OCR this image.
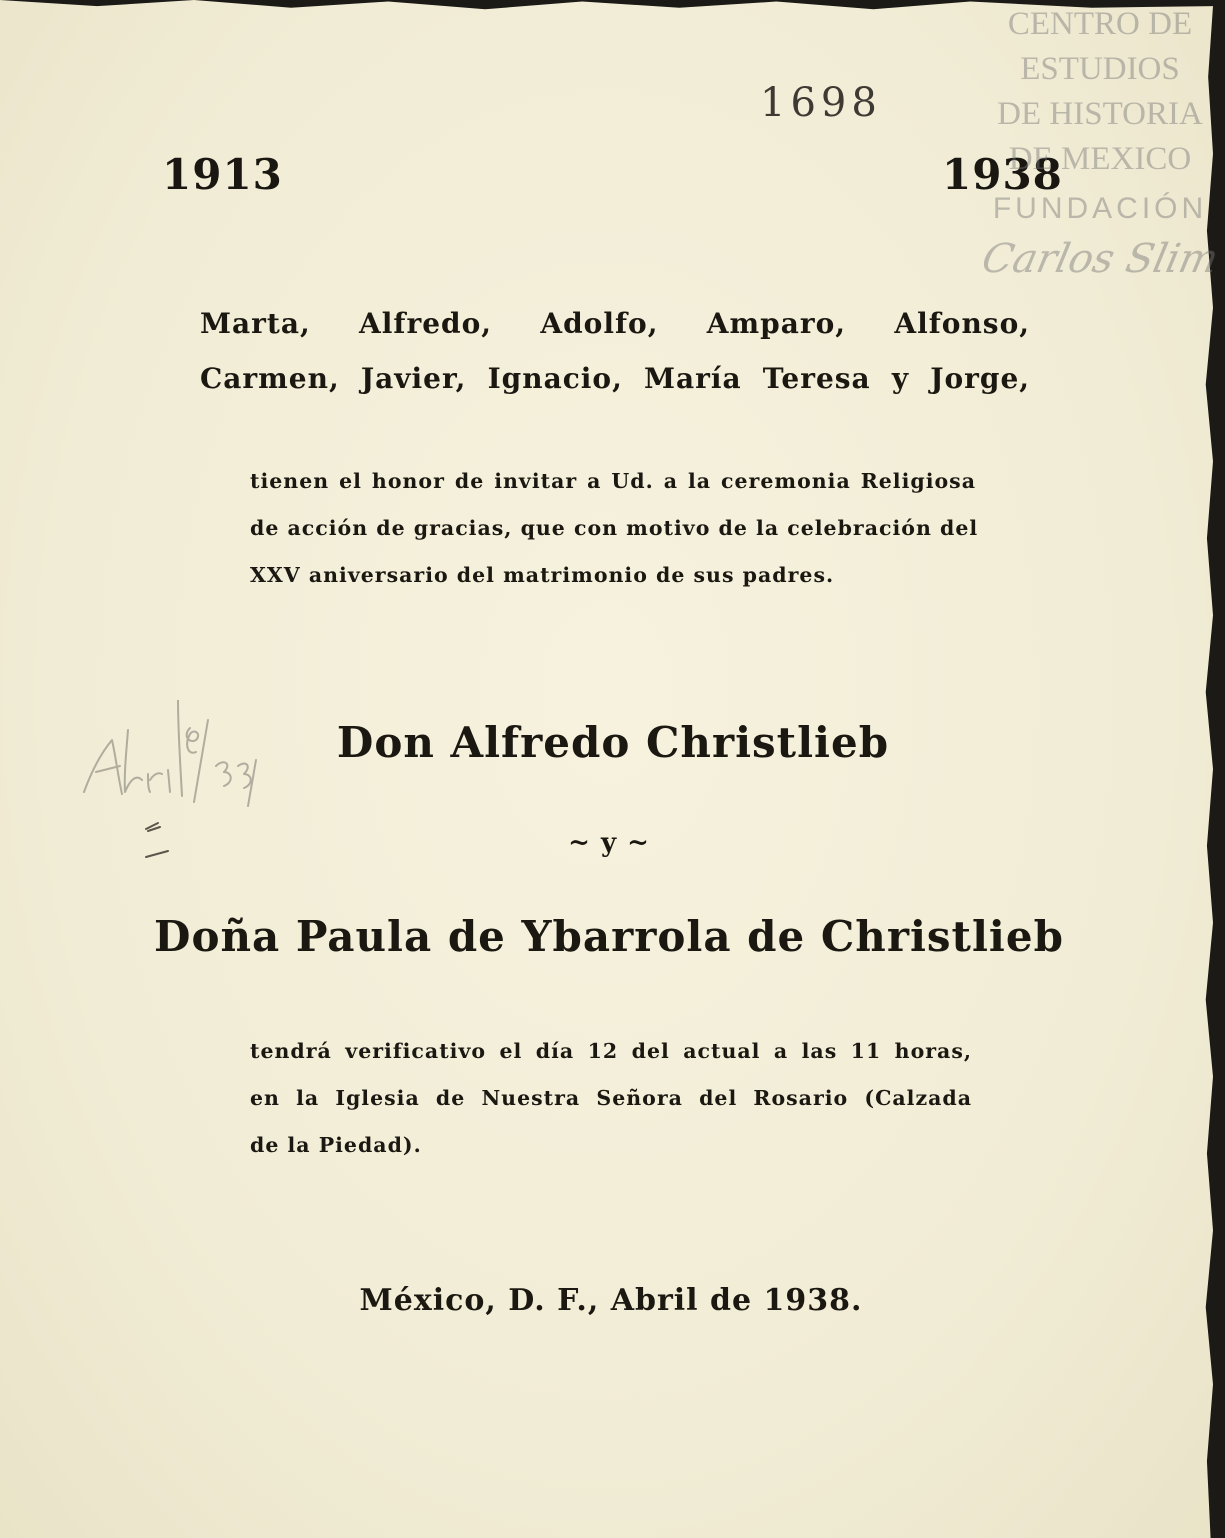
1698

1913	1938

Marta, Alfredo, Adolfo, Amparo, Alfonso,
Carmen, Javier, Ignacio, María Teresa y Jorge,
tienen el honor de invitar a Ud. a la ceremonia Religiosa
de acción de gracias, que con motivo de la celebración del
XXV aniversario del matrimonio de sus padres.

Don Alfredo Christlieb

~ y ~

Doña Paula de Ybarrola de Christlieb

tendrá verificativo el día 12 del actual a las 11 horas,
en la Iglesia de Nuestra Señora del Rosario (Calzada
de la Piedad).

México, D. F., Abril de 1938.

CENTRO DE
ESTUDIOS
DE HISTORIA
DE MEXICO
FUNDACIÓN
Carlos Slim
